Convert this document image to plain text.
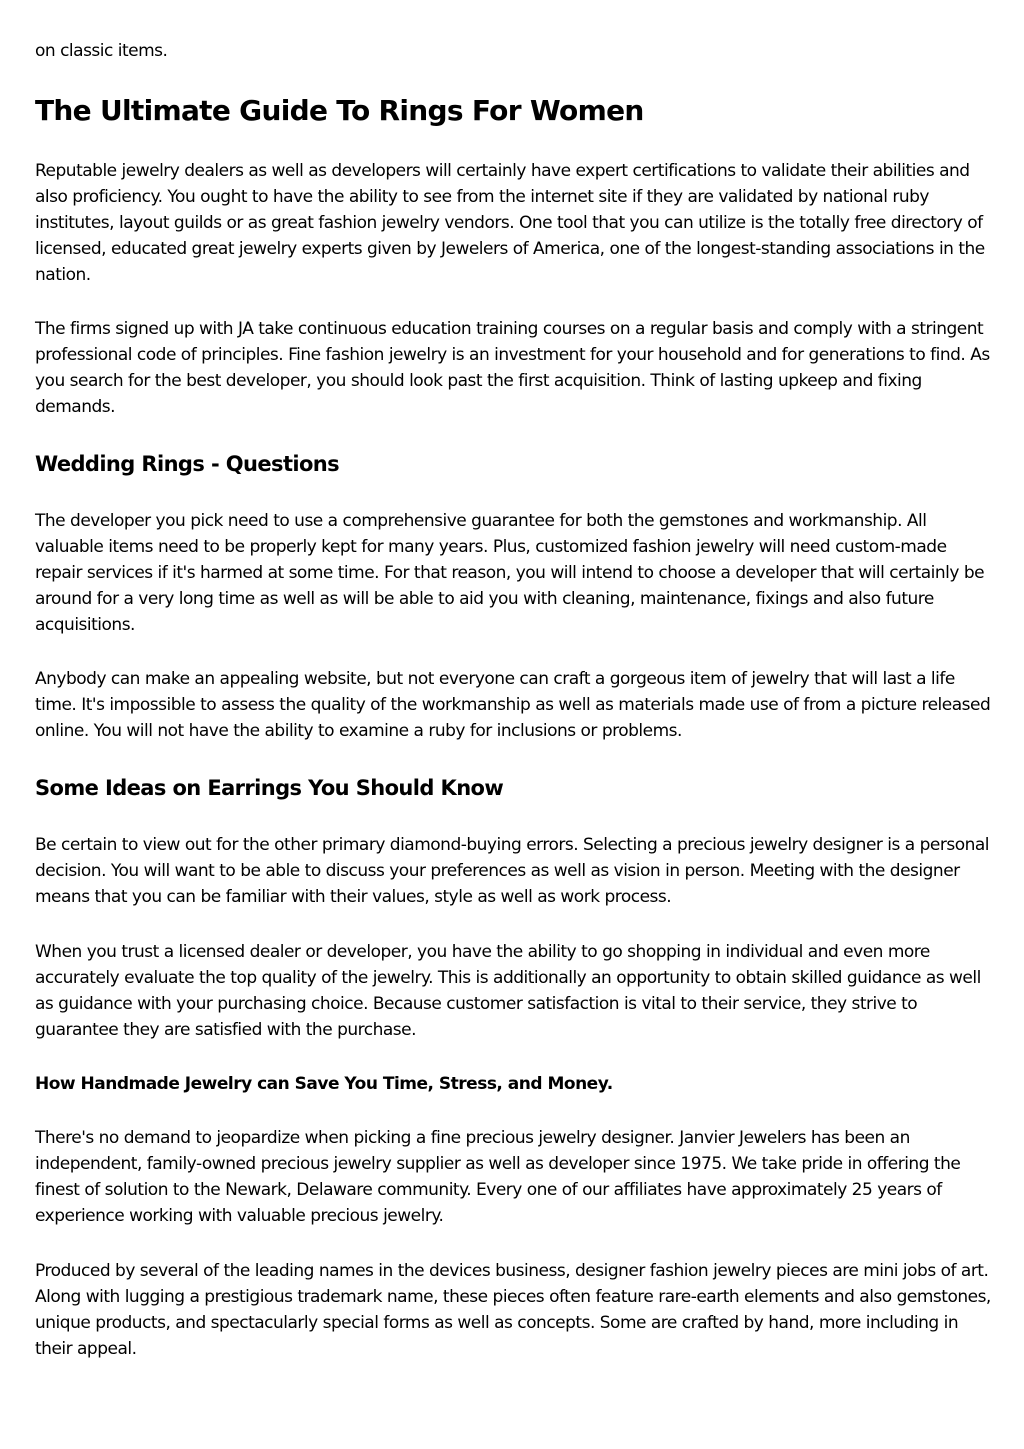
on classic items.

The Ultimate Guide To Rings For Women

Reputable jewelry dealers as well as developers will certainly have expert certifications to validate their abilities and also proficiency. You ought to have the ability to see from the internet site if they are validated by national ruby institutes, layout guilds or as great fashion jewelry vendors. One tool that you can utilize is the totally free directory of licensed, educated great jewelry experts given by Jewelers of America, one of the longest-standing associations in the nation.

The firms signed up with JA take continuous education training courses on a regular basis and comply with a stringent professional code of principles. Fine fashion jewelry is an investment for your household and for generations to find. As you search for the best developer, you should look past the first acquisition. Think of lasting upkeep and fixing demands.

Wedding Rings - Questions

The developer you pick need to use a comprehensive guarantee for both the gemstones and workmanship. All valuable items need to be properly kept for many years. Plus, customized fashion jewelry will need custom-made repair services if it's harmed at some time. For that reason, you will intend to choose a developer that will certainly be around for a very long time as well as will be able to aid you with cleaning, maintenance, fixings and also future acquisitions.

Anybody can make an appealing website, but not everyone can craft a gorgeous item of jewelry that will last a life time. It's impossible to assess the quality of the workmanship as well as materials made use of from a picture released online. You will not have the ability to examine a ruby for inclusions or problems.

Some Ideas on Earrings You Should Know

Be certain to view out for the other primary diamond-buying errors. Selecting a precious jewelry designer is a personal decision. You will want to be able to discuss your preferences as well as vision in person. Meeting with the designer means that you can be familiar with their values, style as well as work process.

When you trust a licensed dealer or developer, you have the ability to go shopping in individual and even more accurately evaluate the top quality of the jewelry. This is additionally an opportunity to obtain skilled guidance as well as guidance with your purchasing choice. Because customer satisfaction is vital to their service, they strive to guarantee they are satisfied with the purchase.

How Handmade Jewelry can Save You Time, Stress, and Money.

There's no demand to jeopardize when picking a fine precious jewelry designer. Janvier Jewelers has been an independent, family-owned precious jewelry supplier as well as developer since 1975. We take pride in offering the finest of solution to the Newark, Delaware community. Every one of our affiliates have approximately 25 years of experience working with valuable precious jewelry.

Produced by several of the leading names in the devices business, designer fashion jewelry pieces are mini jobs of art. Along with lugging a prestigious trademark name, these pieces often feature rare-earth elements and also gemstones, unique products, and spectacularly special forms as well as concepts. Some are crafted by hand, more including in their appeal.
